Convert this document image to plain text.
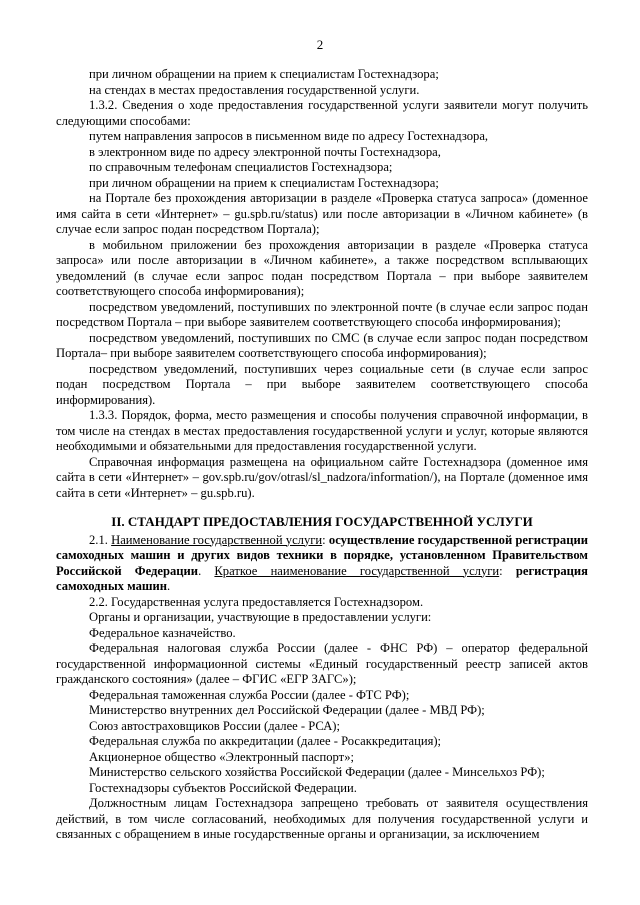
2

при личном обращении на прием к специалистам Гостехнадзора;

на стендах в местах предоставления государственной услуги.

1.3.2. Сведения о ходе предоставления государственной услуги заявители могут получить следующими способами:

путем направления запросов в письменном виде по адресу Гостехнадзора,

в электронном виде по адресу электронной почты Гостехнадзора,

по справочным телефонам специалистов Гостехнадзора;

при личном обращении на прием к специалистам Гостехнадзора;

на Портале без прохождения авторизации в разделе «Проверка статуса запроса» (доменное имя сайта в сети «Интернет» – gu.spb.ru/status) или после авторизации в «Личном кабинете» (в случае если запрос подан посредством Портала);

в мобильном приложении без прохождения авторизации в разделе «Проверка статуса запроса» или после авторизации в «Личном кабинете», а также посредством всплывающих уведомлений (в случае если запрос подан посредством Портала – при выборе заявителем соответствующего способа информирования);

посредством уведомлений, поступивших по электронной почте (в случае если запрос подан посредством Портала – при выборе заявителем соответствующего способа информирования);

посредством уведомлений, поступивших по СМС (в случае если запрос подан посредством Портала– при выборе заявителем соответствующего способа информирования);

посредством уведомлений, поступивших через социальные сети (в случае если запрос подан посредством Портала – при выборе заявителем соответствующего способа информирования).

1.3.3. Порядок, форма, место размещения и способы получения справочной информации, в том числе на стендах в местах предоставления государственной услуги и услуг, которые являются необходимыми и обязательными для предоставления государственной услуги.

Справочная информация размещена на официальном сайте Гостехнадзора (доменное имя сайта в сети «Интернет» – gov.spb.ru/gov/otrasl/sl_nadzora/information/), на Портале (доменное имя сайта в сети «Интернет» – gu.spb.ru).

II. СТАНДАРТ ПРЕДОСТАВЛЕНИЯ ГОСУДАРСТВЕННОЙ УСЛУГИ

2.1. Наименование государственной услуги: осуществление государственной регистрации самоходных машин и других видов техники в порядке, установленном Правительством Российской Федерации. Краткое наименование государственной услуги: регистрация самоходных машин.

2.2. Государственная услуга предоставляется Гостехнадзором.

Органы и организации, участвующие в предоставлении услуги:

Федеральное казначейство.

Федеральная налоговая служба России (далее - ФНС РФ) – оператор федеральной государственной информационной системы «Единый государственный реестр записей актов гражданского состояния» (далее – ФГИС «ЕГР ЗАГС»);

Федеральная таможенная служба России (далее - ФТС РФ);

Министерство внутренних дел Российской Федерации (далее - МВД РФ);

Союз автостраховщиков России (далее - РСА);

Федеральная служба по аккредитации (далее - Росаккредитация);

Акционерное общество «Электронный паспорт»;

Министерство сельского хозяйства Российской Федерации (далее - Минсельхоз РФ);

Гостехнадзоры субъектов Российской Федерации.

Должностным лицам Гостехнадзора запрещено требовать от заявителя осуществления действий, в том числе согласований, необходимых для получения государственной услуги и связанных с обращением в иные государственные органы и организации, за исключением
